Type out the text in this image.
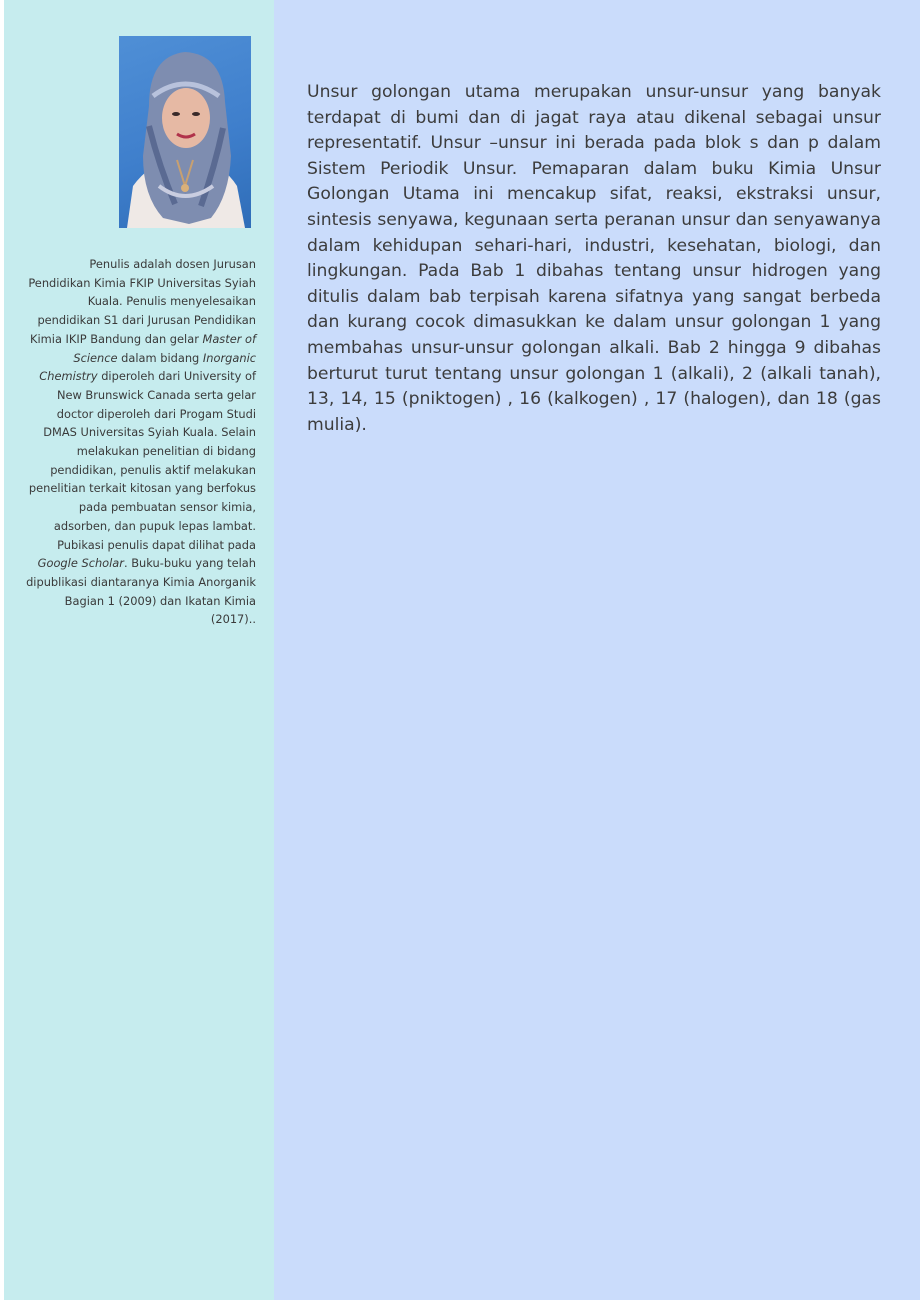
Penulis adalah dosen Jurusan Pendidikan Kimia FKIP Universitas Syiah Kuala. Penulis menyelesaikan pendidikan S1 dari Jurusan Pendidikan Kimia IKIP Bandung dan gelar Master of Science dalam bidang Inorganic Chemistry diperoleh dari University of New Brunswick Canada serta gelar doctor diperoleh dari Progam Studi DMAS Universitas Syiah Kuala. Selain melakukan penelitian di bidang pendidikan, penulis aktif melakukan penelitian terkait kitosan yang berfokus pada pembuatan sensor kimia, adsorben, dan pupuk lepas lambat. Pubikasi penulis dapat dilihat pada Google Scholar. Buku-buku yang telah dipublikasi diantaranya Kimia Anorganik Bagian 1 (2009) dan Ikatan Kimia (2017)..

Unsur golongan utama merupakan unsur-unsur yang banyak terdapat di bumi dan di jagat raya atau dikenal sebagai unsur representatif. Unsur –unsur ini berada pada blok s dan p dalam Sistem Periodik Unsur. Pemaparan dalam buku Kimia Unsur Golongan Utama ini mencakup sifat, reaksi, ekstraksi unsur, sintesis senyawa, kegunaan serta peranan unsur dan senyawanya dalam kehidupan sehari-hari, industri, kesehatan, biologi, dan lingkungan. Pada Bab 1 dibahas tentang unsur hidrogen yang ditulis dalam bab terpisah karena sifatnya yang sangat berbeda dan kurang cocok dimasukkan ke dalam unsur golongan 1 yang membahas unsur-unsur golongan alkali. Bab 2 hingga 9 dibahas berturut turut tentang unsur golongan 1 (alkali), 2 (alkali tanah), 13, 14, 15 (pniktogen) , 16 (kalkogen) , 17 (halogen), dan 18 (gas mulia).
